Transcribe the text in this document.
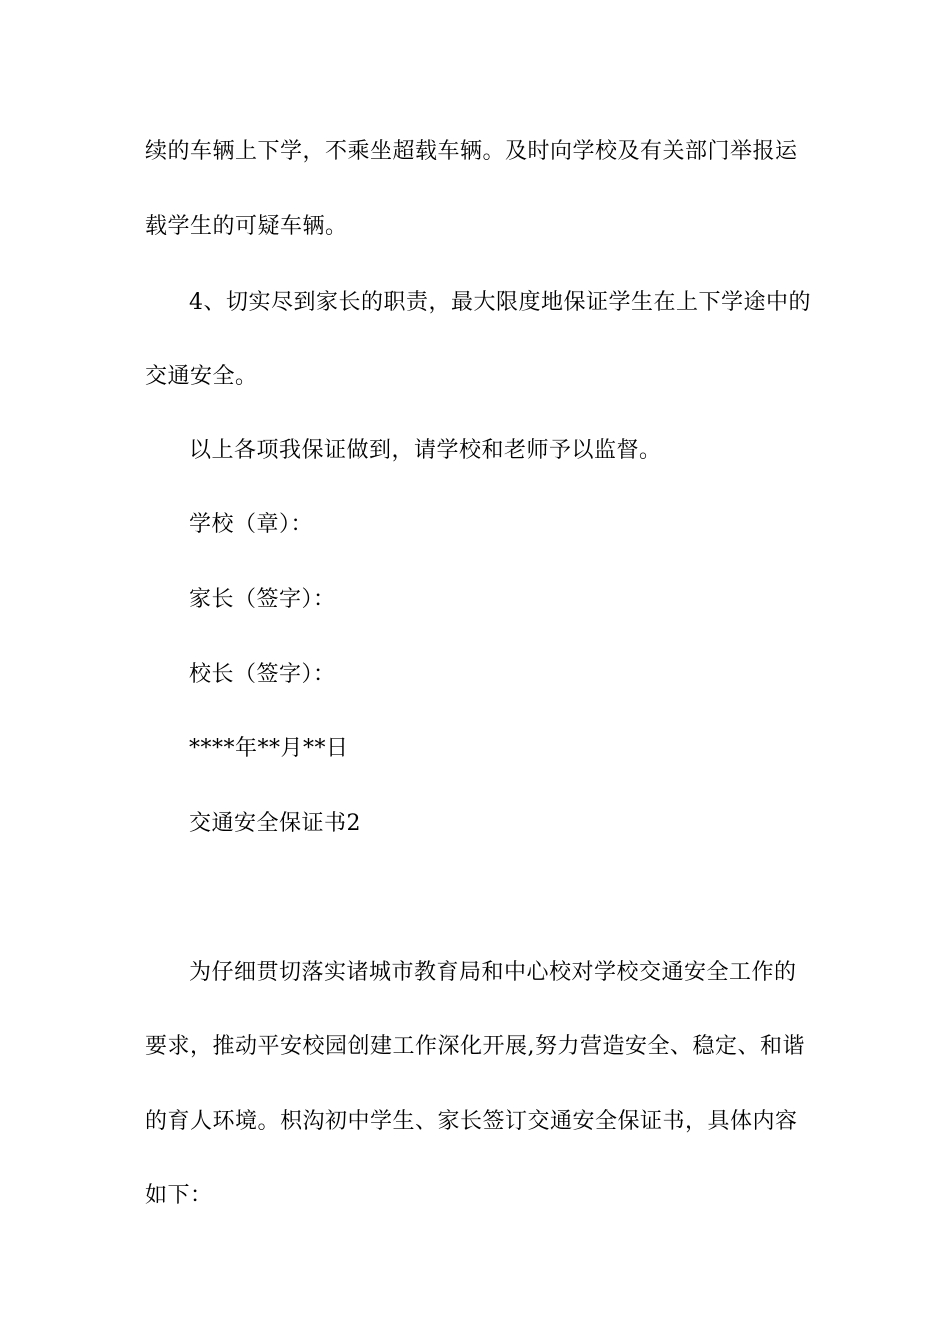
续的车辆上下学，不乘坐超载车辆。及时向学校及有关部门举报运
载学生的可疑车辆。
4、切实尽到家长的职责，最大限度地保证学生在上下学途中的
交通安全。
以上各项我保证做到，请学校和老师予以监督。
学校（章）：
家长（签字）：
校长（签字）：
****年**月**日
交通安全保证书2
为仔细贯切落实诸城市教育局和中心校对学校交通安全工作的
要求，推动平安校园创建工作深化开展,努力营造安全、稳定、和谐
的育人环境。枳沟初中学生、家长签订交通安全保证书，具体内容
如下：
